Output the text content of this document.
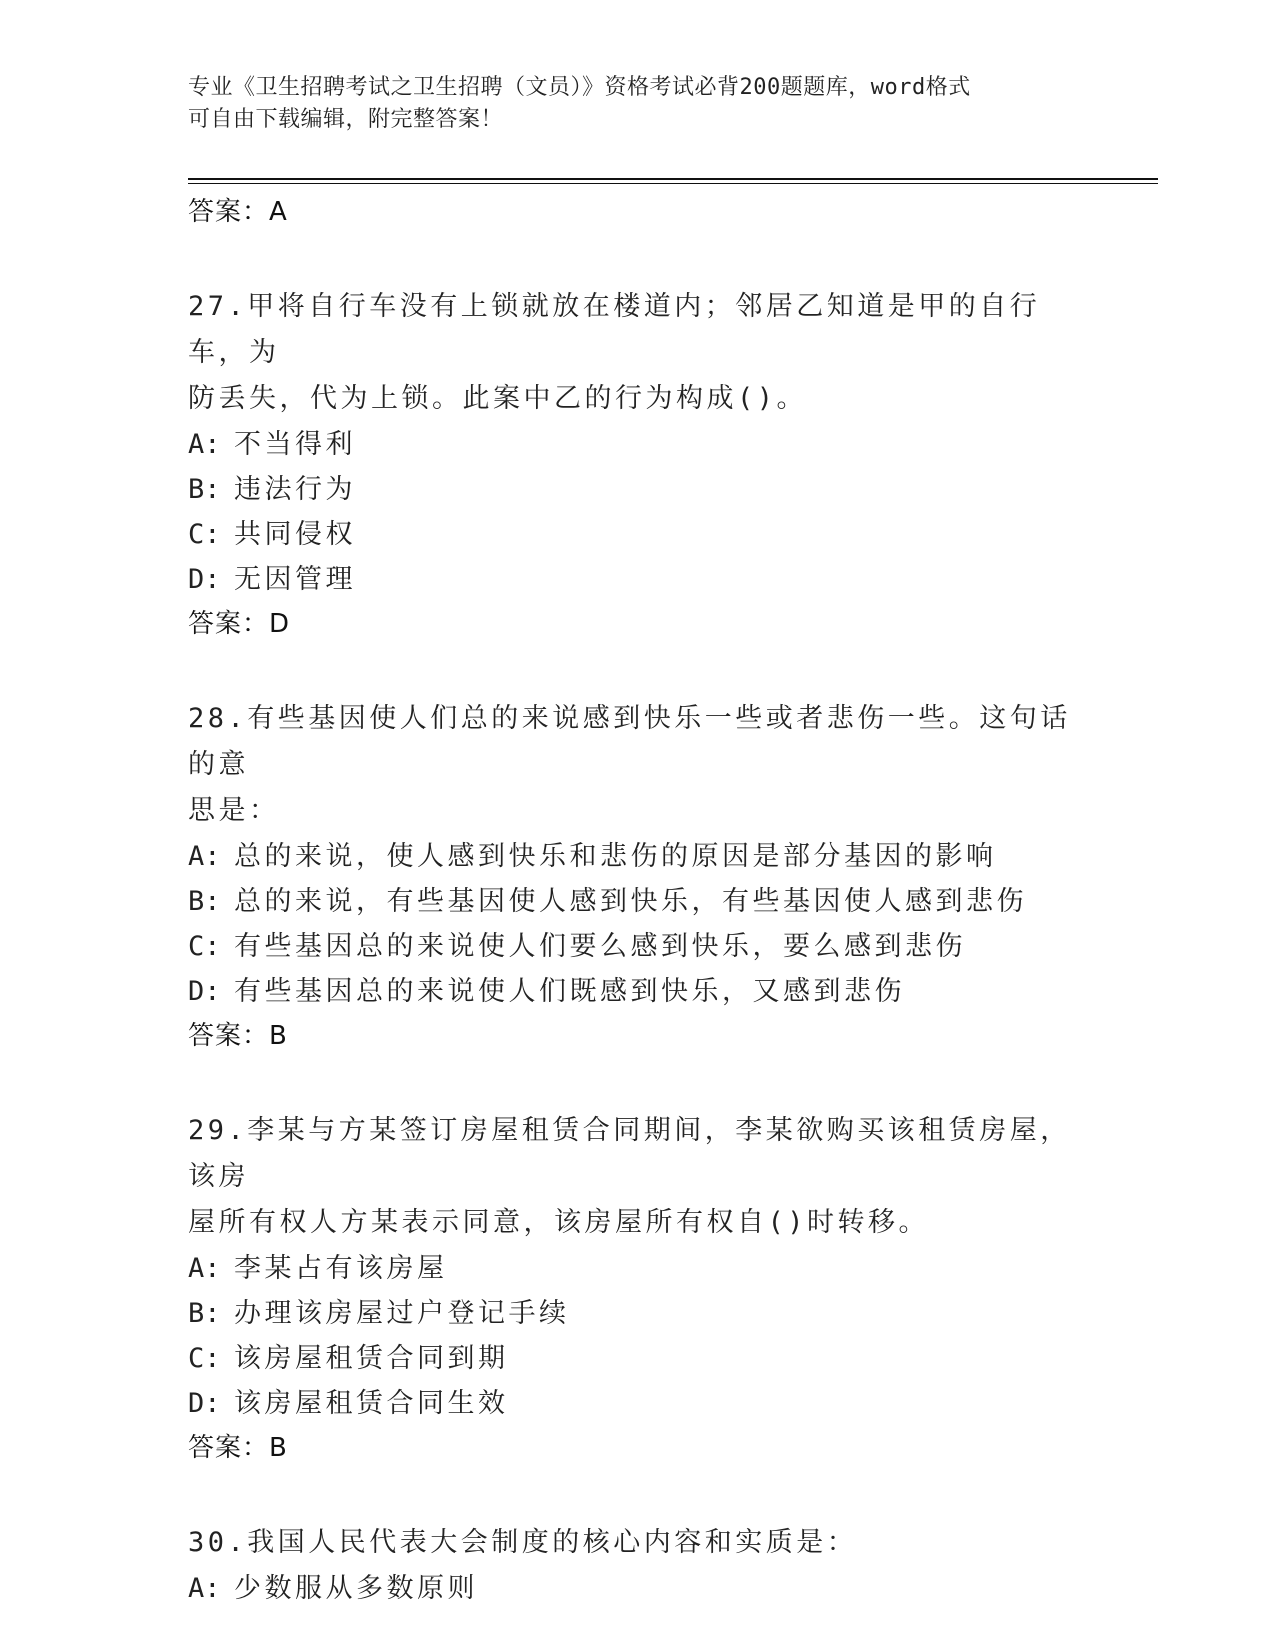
专业《卫生招聘考试之卫生招聘（文员）》资格考试必背200题题库，word格式
可自由下载编辑，附完整答案！
答案：A
27.甲将自行车没有上锁就放在楼道内；邻居乙知道是甲的自行车，为
防丢失，代为上锁。此案中乙的行为构成()。
A: 不当得利
B: 违法行为
C: 共同侵权
D: 无因管理
答案：D
28.有些基因使人们总的来说感到快乐一些或者悲伤一些。这句话的意
思是：
A: 总的来说，使人感到快乐和悲伤的原因是部分基因的影响
B: 总的来说，有些基因使人感到快乐，有些基因使人感到悲伤
C: 有些基因总的来说使人们要么感到快乐，要么感到悲伤
D: 有些基因总的来说使人们既感到快乐，又感到悲伤
答案：B
29.李某与方某签订房屋租赁合同期间，李某欲购买该租赁房屋，该房
屋所有权人方某表示同意，该房屋所有权自()时转移。
A: 李某占有该房屋
B: 办理该房屋过户登记手续
C: 该房屋租赁合同到期
D: 该房屋租赁合同生效
答案：B
30.我国人民代表大会制度的核心内容和实质是：
A: 少数服从多数原则
